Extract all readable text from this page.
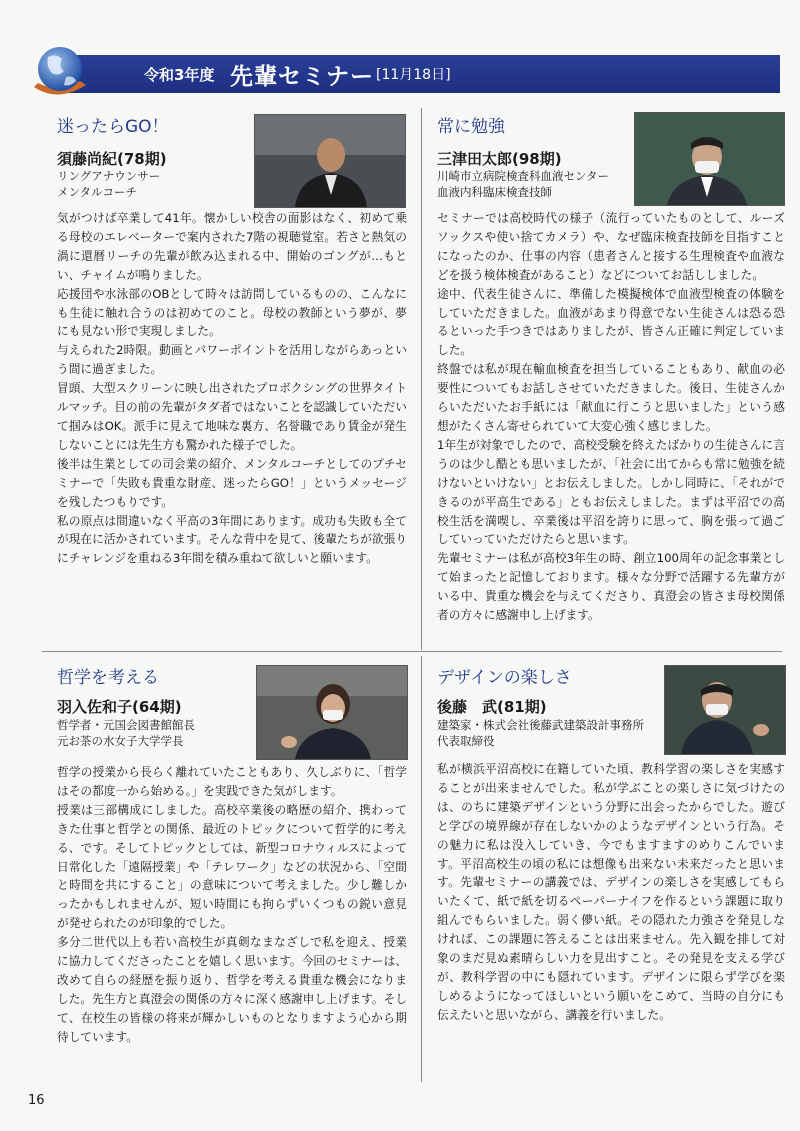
令和3年度 先輩セミナー [11月18日]
迷ったらGO！
須藤尚紀(78期)
リングアナウンサー
メンタルコーチ

気がつけば卒業して41年。懐かしい校舎の面影はなく、初めて乗る母校のエレベーターで案内された7階の視聴覚室。若さと熱気の渦に還暦リーチの先輩が飲み込まれる中、開始のゴングが…もとい、チャイムが鳴りました。

応援団や水泳部のOBとして時々は訪問しているものの、こんなにも生徒に触れ合うのは初めてのこと。母校の教師という夢が、夢にも見ない形で実現しました。

与えられた2時限。動画とパワーポイントを活用しながらあっという間に過ぎました。

冒頭、大型スクリーンに映し出されたプロボクシングの世界タイトルマッチ。目の前の先輩がタダ者ではないことを認識していただいて掴みはOK。派手に見えて地味な裏方、名誉職であり賃金が発生しないことには先生方も驚かれた様子でした。

後半は生業としての司会業の紹介、メンタルコーチとしてのプチセミナーで「失敗も貴重な財産、迷ったらGO！」というメッセージを残したつもりです。

私の原点は間違いなく平高の3年間にあります。成功も失敗も全てが現在に活かされています。そんな背中を見て、後輩たちが欲張りにチャレンジを重ねる3年間を積み重ねて欲しいと願います。

常に勉強
三津田太郎(98期)
川崎市立病院検査科血液センター
血液内科臨床検査技師

セミナーでは高校時代の様子（流行っていたものとして、ルーズソックスや使い捨てカメラ）や、なぜ臨床検査技師を目指すことになったのか、仕事の内容（患者さんと接する生理検査や血液などを扱う検体検査があること）などについてお話ししました。

途中、代表生徒さんに、準備した模擬検体で血液型検査の体験をしていただきました。血液があまり得意でない生徒さんは恐る恐るといった手つきではありましたが、皆さん正確に判定していました。

終盤では私が現在輸血検査を担当していることもあり、献血の必要性についてもお話しさせていただきました。後日、生徒さんからいただいたお手紙には「献血に行こうと思いました」という感想がたくさん寄せられていて大変心強く感じました。

1年生が対象でしたので、高校受験を終えたばかりの生徒さんに言うのは少し酷とも思いましたが、「社会に出てからも常に勉強を続けないといけない」とお伝えしました。しかし同時に、「それができるのが平高生である」ともお伝えしました。まずは平沼での高校生活を満喫し、卒業後は平沼を誇りに思って、胸を張って過ごしていっていただけたらと思います。

先輩セミナーは私が高校3年生の時、創立100周年の記念事業として始まったと記憶しております。様々な分野で活躍する先輩方がいる中、貴重な機会を与えてくださり、真澄会の皆さま母校関係者の方々に感謝申し上げます。

哲学を考える
羽入佐和子(64期)
哲学者・元国会図書館館長
元お茶の水女子大学学長

哲学の授業から長らく離れていたこともあり、久しぶりに、「哲学はその都度一から始める。」を実践できた気がします。

授業は三部構成にしました。高校卒業後の略歴の紹介、携わってきた仕事と哲学との関係、最近のトピックについて哲学的に考える、です。そしてトピックとしては、新型コロナウィルスによって日常化した「遠隔授業」や「テレワーク」などの状況から、「空間と時間を共にすること」の意味について考えました。少し難しかったかもしれませんが、短い時間にも拘らずいくつもの鋭い意見が発せられたのが印象的でした。

多分二世代以上も若い高校生が真剣なまなざしで私を迎え、授業に協力してくださったことを嬉しく思います。今回のセミナーは、改めて自らの経歴を振り返り、哲学を考える貴重な機会になりました。先生方と真澄会の関係の方々に深く感謝申し上げます。そして、在校生の皆様の将来が輝かしいものとなりますよう心から期待しています。

デザインの楽しさ
後藤　武(81期)
建築家・株式会社後藤武建築設計事務所
代表取締役

私が横浜平沼高校に在籍していた頃、教科学習の楽しさを実感することが出来ませんでした。私が学ぶことの楽しさに気づけたのは、のちに建築デザインという分野に出会ったからでした。遊びと学びの境界線が存在しないかのようなデザインという行為。その魅力に私は没入していき、今でもますますのめりこんでいます。平沼高校生の頃の私には想像も出来ない未来だったと思います。先輩セミナーの講義では、デザインの楽しさを実感してもらいたくて、紙で紙を切るペーパーナイフを作るという課題に取り組んでもらいました。弱く儚い紙。その隠れた力強さを発見しなければ、この課題に答えることは出来ません。先入観を排して対象のまだ見ぬ素晴らしい力を見出すこと。その発見を支える学びが、教科学習の中にも隠れています。デザインに限らず学びを楽しめるようになってほしいという願いをこめて、当時の自分にも伝えたいと思いながら、講義を行いました。

16
